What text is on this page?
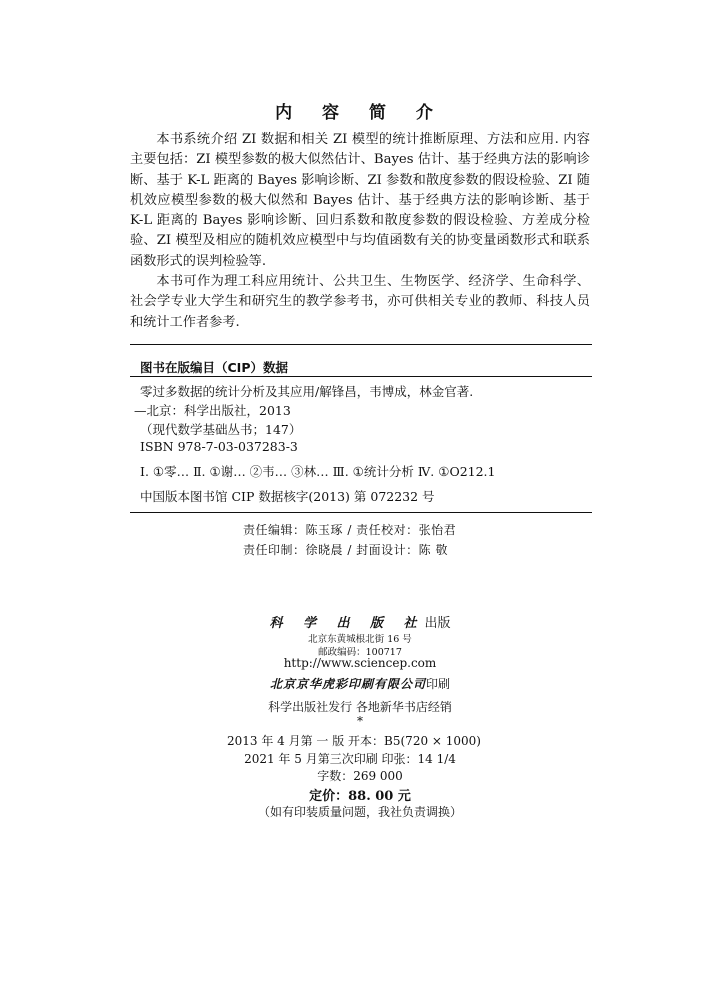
内 容 简 介

本书系统介绍 ZI 数据和相关 ZI 模型的统计推断原理、方法和应用. 内容主要包括：ZI 模型参数的极大似然估计、Bayes 估计、基于经典方法的影响诊断、基于 K-L 距离的 Bayes 影响诊断、ZI 参数和散度参数的假设检验、ZI 随机效应模型参数的极大似然和 Bayes 估计、基于经典方法的影响诊断、基于 K-L 距离的 Bayes 影响诊断、回归系数和散度参数的假设检验、方差成分检验、ZI 模型及相应的随机效应模型中与均值函数有关的协变量函数形式和联系函数形式的误判检验等.

本书可作为理工科应用统计、公共卫生、生物医学、经济学、生命科学、社会学专业大学生和研究生的教学参考书，亦可供相关专业的教师、科技人员和统计工作者参考.

图书在版编目（CIP）数据
零过多数据的统计分析及其应用/解锋昌，韦博成，林金官著.
—北京：科学出版社，2013
（现代数学基础丛书；147）
ISBN 978-7-03-037283-3
Ⅰ. ①零… Ⅱ. ①谢… ②韦… ③林… Ⅲ. ①统计分析 Ⅳ. ①O212.1
中国版本图书馆 CIP 数据核字(2013) 第 072232 号
责任编辑：陈玉琢 / 责任校对：张怡君
责任印制：徐晓晨 / 封面设计：陈 敬
科 学 出 版 社出版
北京东黄城根北街 16 号
邮政编码：100717
http://www.sciencep.com
北京京华虎彩印刷有限公司印刷
科学出版社发行 各地新华书店经销
*
2013 年 4 月第 一 版 开本：B5(720 × 1000)
2021 年 5 月第三次印刷 印张：14 1/4
字数：269 000
定价：88. 00 元
（如有印装质量问题，我社负责调换）
